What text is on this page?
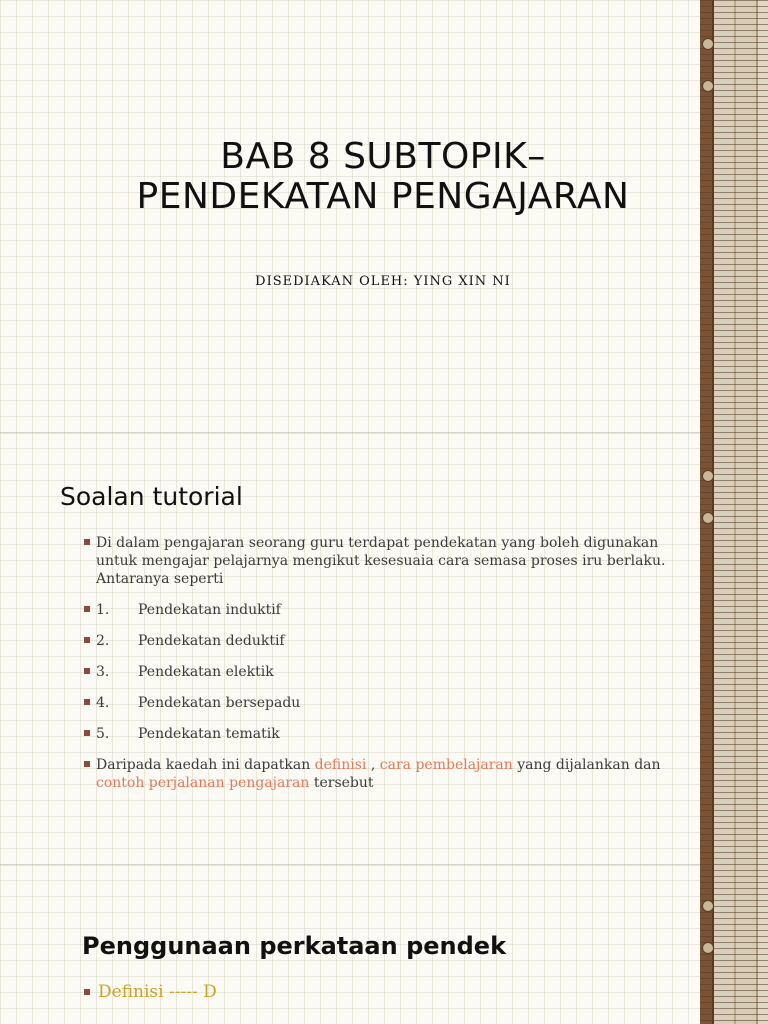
BAB 8 SUBTOPIK–
PENDEKATAN PENGAJARAN
DISEDIAKAN OLEH: YING XIN NI
Soalan tutorial
Di dalam pengajaran seorang guru terdapat pendekatan yang boleh digunakan untuk mengajar pelajarnya mengikut kesesuaia cara semasa proses iru berlaku. Antaranya seperti
1. Pendekatan induktif
2. Pendekatan deduktif
3. Pendekatan elektik
4. Pendekatan bersepadu
5. Pendekatan tematik
Daripada kaedah ini dapatkan definisi , cara pembelajaran yang dijalankan dan contoh perjalanan pengajaran tersebut
Penggunaan perkataan pendek
Definisi ----- D
